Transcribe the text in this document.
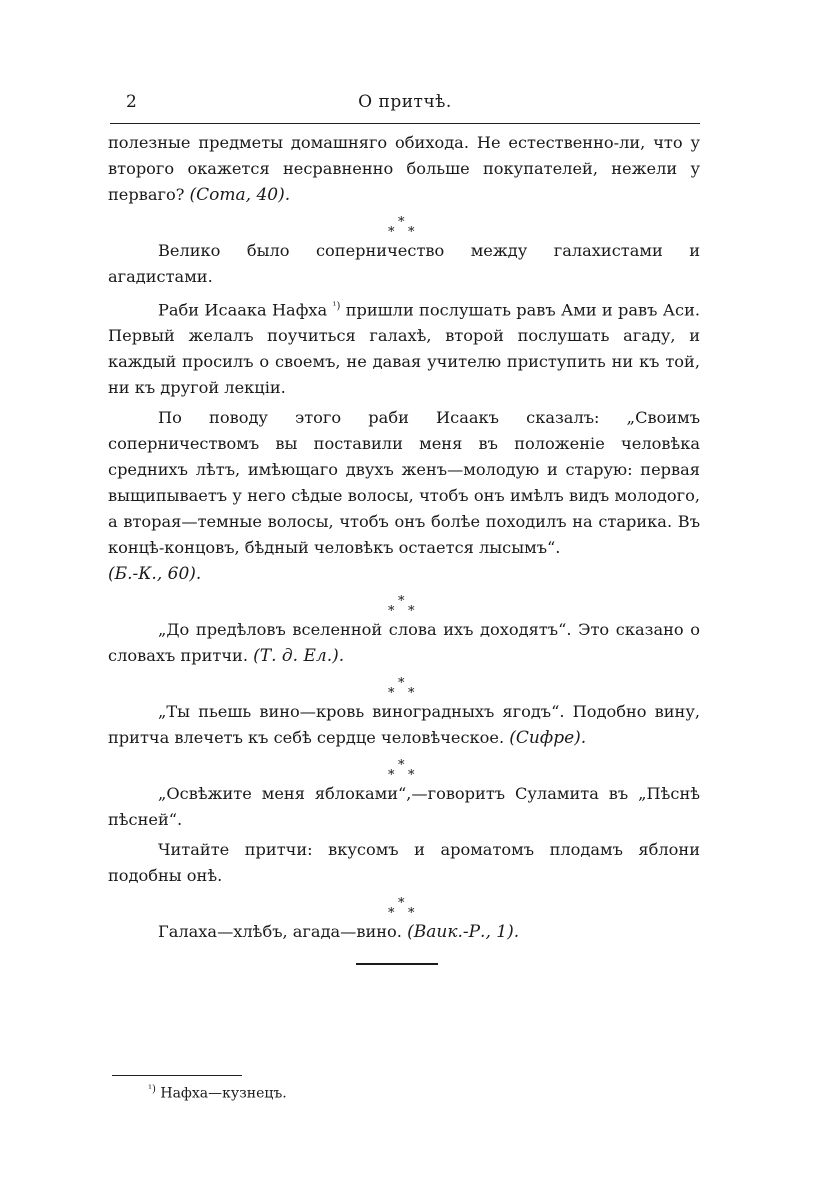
2	О притчѣ.

полезные предметы домашняго обихода. Не естественно-ли, что у второго окажется несравненно больше покупателей, нежели у перваго? (Сота, 40).

*
* *

Велико было соперничество между галахистами и агадистами.

Раби Исаака Нафха $^{^1)}$ пришли послушать равъ Ами и равъ Аси. Первый желалъ поучиться галахѣ, второй послушать агаду, и каждый просилъ о своемъ, не давая учителю приступить ни къ той, ни къ другой лекціи.

По поводу этого раби Исаакъ сказалъ: „Своимъ соперничествомъ вы поставили меня въ положеніе человѣка среднихъ лѣтъ, имѣющаго двухъ женъ—молодую и старую: первая выщипываетъ у него сѣдые волосы, чтобъ онъ имѣлъ видъ молодого, а вторая—темные волосы, чтобъ онъ болѣе походилъ на старика. Въ концѣ-концовъ, бѣдный человѣкъ остается лысымъ“.

(Б.-К., 60).

*
* *

„До предѣловъ вселенной слова ихъ доходятъ“. Это сказано о словахъ притчи. (Т. д. Ел.).

*
* *

„Ты пьешь вино—кровь виноградныхъ ягодъ“. Подобно вину, притча влечетъ къ себѣ сердце человѣческое. (Сифре).

*
* *

„Освѣжите меня яблоками“,—говоритъ Суламита въ „Пѣснѣ пѣсней“.

Читайте притчи: вкусомъ и ароматомъ плодамъ яблони подобны онѣ.

*
* *

Галаха—хлѣбъ, агада—вино. (Ваик.-Р., 1).

$^{^1)}$ Нафха—кузнецъ.
